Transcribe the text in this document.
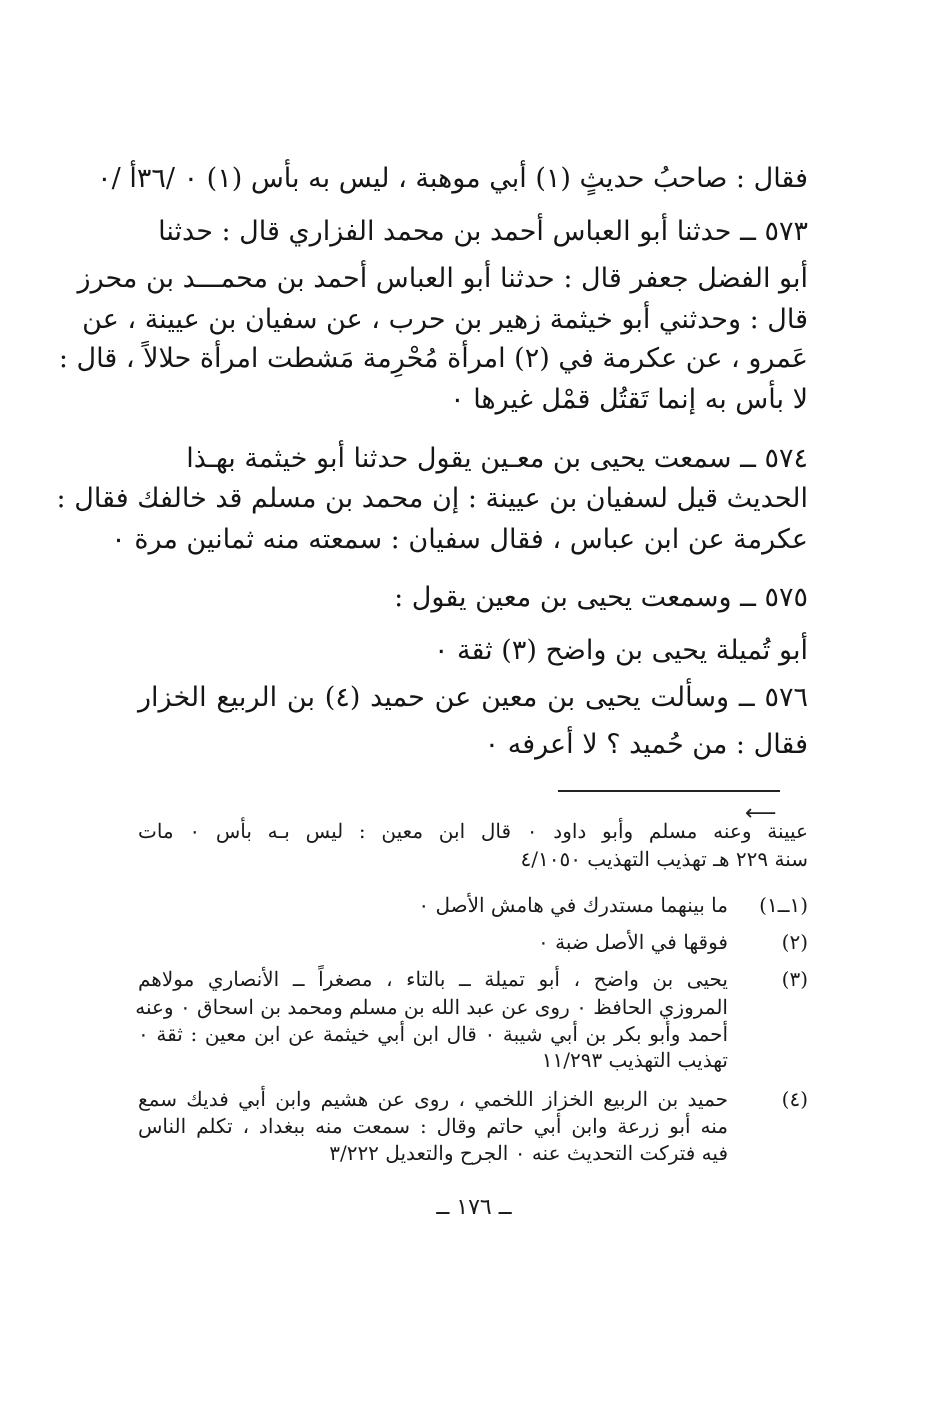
فقال : صاحبُ حديثٍ (١) أبي موهبة ، ليس به بأس (١) ٠ /٣٦أ /٠
٥٧٣ ــ حدثنا أبو العباس أحمد بن محمد الفزاري قال : حدثنا
أبو الفضل جعفر قال : حدثنا أبو العباس أحمد بن محمـــد بن محرز
قال : وحدثني أبو خيثمة زهير بن حرب ، عن سفيان بن عيينة ، عن
عَمرو ، عن عكرمة في (٢) امرأة مُحْرِمة مَشطت امرأة حلالاً ، قال :
لا بأس به إنما تَقتُل قمْل غيرها ٠
٥٧٤ ــ سمعت يحيى بن معـين يقول حدثنا أبو خيثمة بهـذا
الحديث قيل لسفيان بن عيينة : إن محمد بن مسلم قد خالفك فقال :
عكرمة عن ابن عباس ، فقال سفيان : سمعته منه ثمانين مرة ٠
٥٧٥ ــ وسمعت يحيى بن معين يقول :
أبو تُميلة يحيى بن واضح (٣) ثقة ٠
٥٧٦ ــ وسألت يحيى بن معين عن حميد (٤) بن الربيع الخزار
فقال : من حُميد ؟ لا أعرفه ٠
⟵
عيينة وعنه مسلم وأبو داود ٠ قال ابن معين : ليس بـه بأس ٠ مات
سنة ٢٢٩ هـ تهذيب التهذيب ٤/١٠٥٠
(١ــ١)
ما بينهما مستدرك في هامش الأصل ٠
(٢)
فوقها في الأصل ضبة ٠
(٣)
يحيى بن واضح ، أبو تميلة ــ بالتاء ، مصغراً ــ الأنصاري مولاهم
المروزي الحافظ ٠ روى عن عبد الله بن مسلم ومحمد بن اسحاق ٠ وعنه
أحمد وأبو بكر بن أبي شيبة ٠ قال ابن أبي خيثمة عن ابن معين : ثقة ٠
تهذيب التهذيب ١١/٢٩٣
(٤)
حميد بن الربيع الخزاز اللخمي ، روى عن هشيم وابن أبي فديك سمع
منه أبو زرعة وابن أبي حاتم وقال : سمعت منه ببغداد ، تكلم الناس
فيه فتركت التحديث عنه ٠ الجرح والتعديل ٣/٢٢٢
ــ ١٧٦ ــ
